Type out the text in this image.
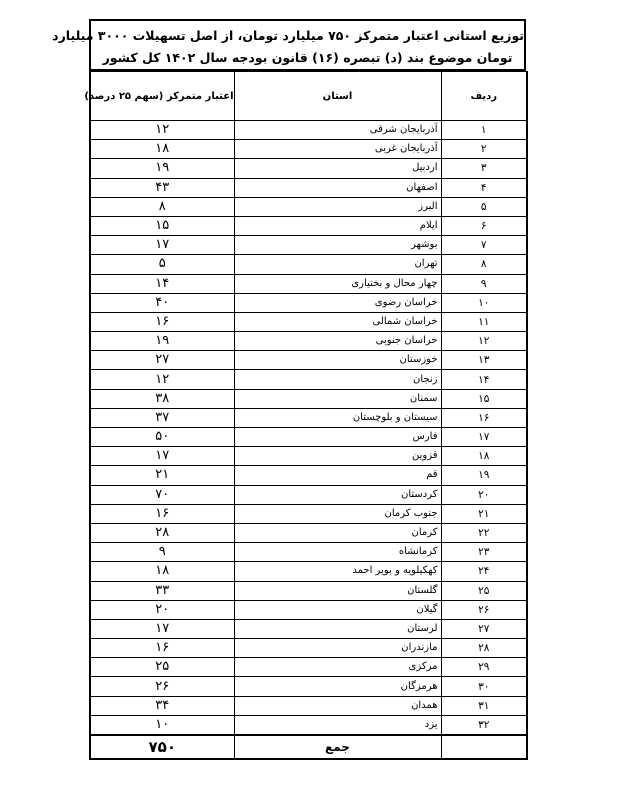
توزیع استانی اعتبار متمرکز ۷۵۰ میلیارد تومان، از اصل تسهیلات ۳۰۰۰ میلیارد
تومان موضوع بند (د) تبصره (۱۶) قانون بودجه سال ۱۴۰۲ کل کشور
ردیف	استان	اعتبار متمرکز (سهم ۲۵ درصد)
۱	آذربایجان شرقی	۱۲
۲	آذربایجان غربی	۱۸
۳	اردبیل	۱۹
۴	اصفهان	۴۳
۵	البرز	۸
۶	ایلام	۱۵
۷	بوشهر	۱۷
۸	تهران	۵
۹	چهار محال و بختیاری	۱۴
۱۰	خراسان رضوی	۴۰
۱۱	خراسان شمالی	۱۶
۱۲	خراسان جنوبی	۱۹
۱۳	خوزستان	۲۷
۱۴	زنجان	۱۲
۱۵	سمنان	۳۸
۱۶	سیستان و بلوچستان	۳۷
۱۷	فارس	۵۰
۱۸	قزوین	۱۷
۱۹	قم	۲۱
۲۰	کردستان	۷۰
۲۱	جنوب کرمان	۱۶
۲۲	کرمان	۲۸
۲۳	کرمانشاه	۹
۲۴	کهکیلویه و بویر احمد	۱۸
۲۵	گلستان	۳۳
۲۶	گیلان	۲۰
۲۷	لرستان	۱۷
۲۸	مازندران	۱۶
۲۹	مرکزی	۲۵
۳۰	هرمزگان	۲۶
۳۱	همدان	۳۴
۳۲	یزد	۱۰
	جمع	۷۵۰
